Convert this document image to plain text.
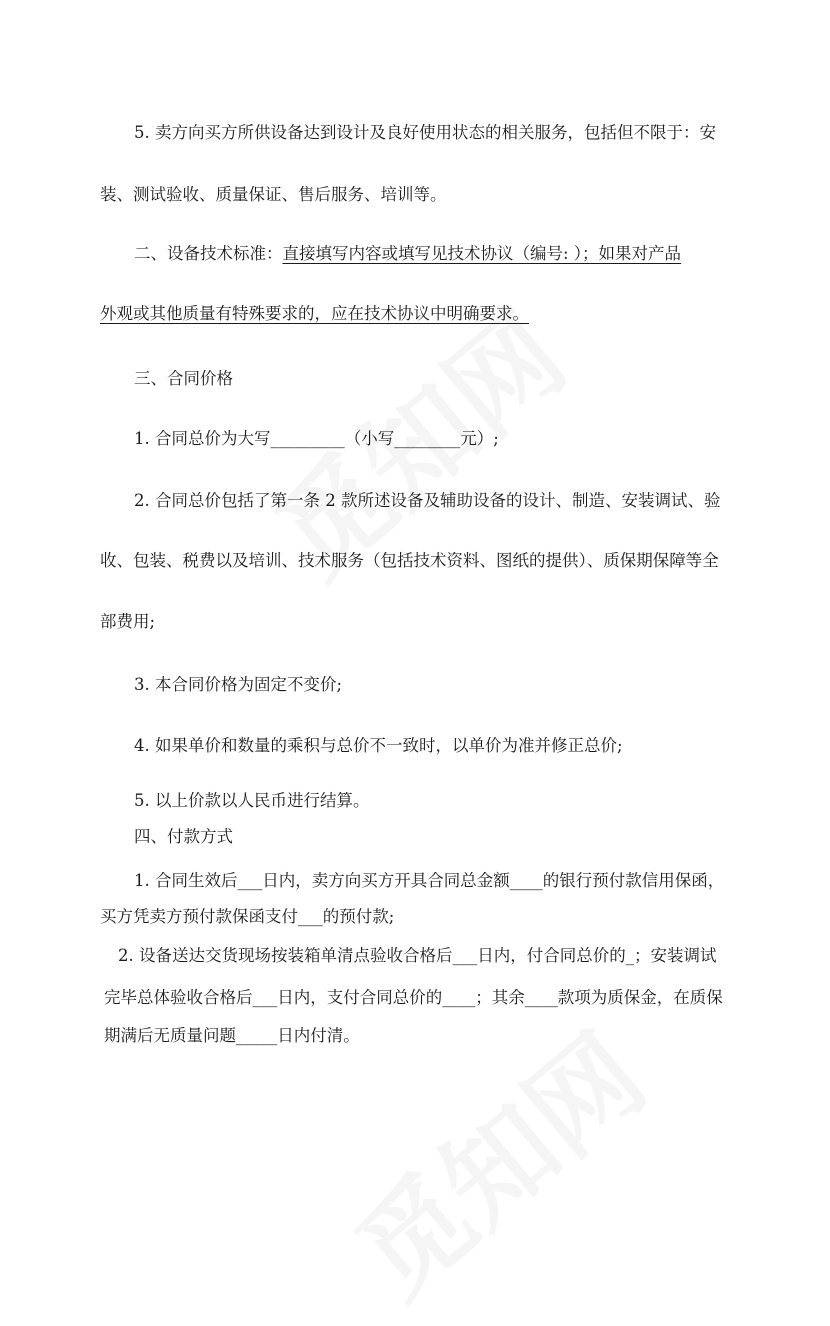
5. 卖方向买方所供设备达到设计及良好使用状态的相关服务，包括但不限于：安
装、测试验收、质量保证、售后服务、培训等。
二、设备技术标准：直接填写内容或填写见技术协议（编号: ）；如果对产品
外观或其他质量有特殊要求的，应在技术协议中明确要求。
三、合同价格
1. 合同总价为大写_________（小写________元）;
2. 合同总价包括了第一条 2 款所述设备及辅助设备的设计、制造、安装调试、验
收、包装、税费以及培训、技术服务（包括技术资料、图纸的提供）、质保期保障等全
部费用;
3. 本合同价格为固定不变价;
4. 如果单价和数量的乘积与总价不一致时，以单价为准并修正总价;
5. 以上价款以人民币进行结算。
四、付款方式
1. 合同生效后___日内，卖方向买方开具合同总金额____的银行预付款信用保函，
买方凭卖方预付款保函支付___的预付款;
2. 设备送达交货现场按装箱单清点验收合格后___日内，付合同总价的_；安装调试
完毕总体验收合格后___日内，支付合同总价的____；其余____款项为质保金，在质保
期满后无质量问题_____日内付清。
